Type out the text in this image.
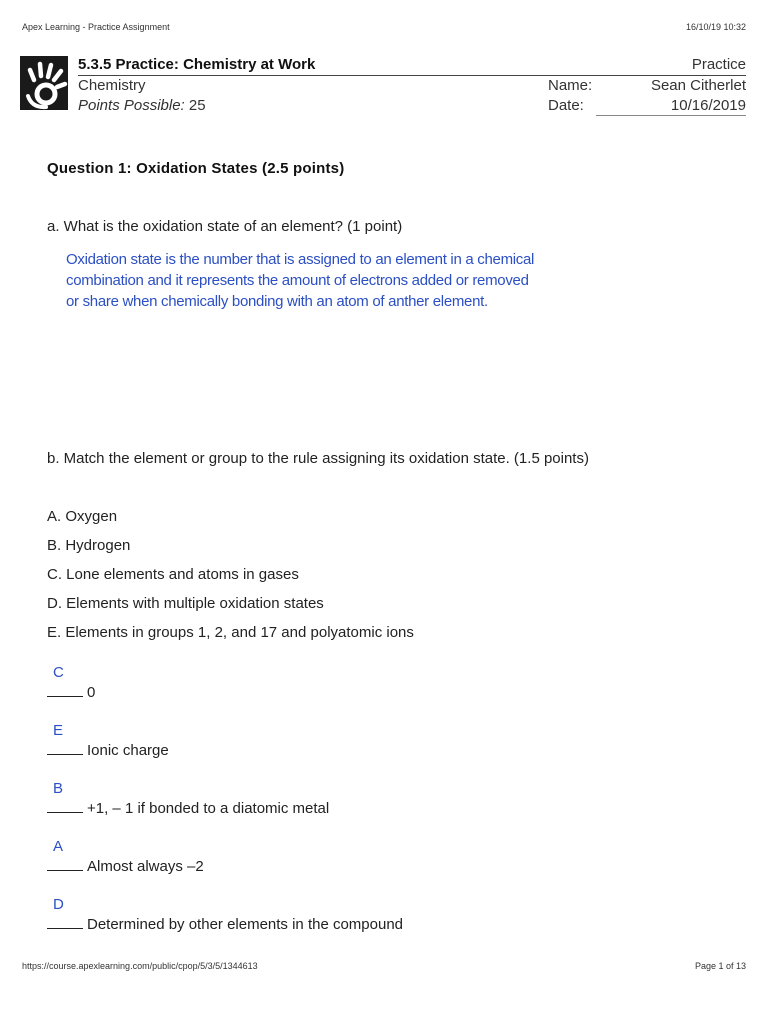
Apex Learning - Practice Assignment	16/10/19 10:32
5.3.5 Practice: Chemistry at Work
Chemistry
Points Possible: 25
Practice
Name:	Sean Citherlet
Date:	10/16/2019
Question 1: Oxidation States (2.5 points)
a. What is the oxidation state of an element? (1 point)
Oxidation state is the number that is assigned to an element in a chemical
combination and it represents the amount of electrons added or removed
or share when chemically bonding with an atom of anther element.
b. Match the element or group to the rule assigning its oxidation state. (1.5 points)
A. Oxygen
B. Hydrogen
C. Lone elements and atoms in gases
D. Elements with multiple oxidation states
E. Elements in groups 1, 2, and 17 and polyatomic ions
C
0
E
Ionic charge
B
+1, – 1 if bonded to a diatomic metal
A
Almost always –2
D
Determined by other elements in the compound
https://course.apexlearning.com/public/cpop/5/3/5/1344613	Page 1 of 13
